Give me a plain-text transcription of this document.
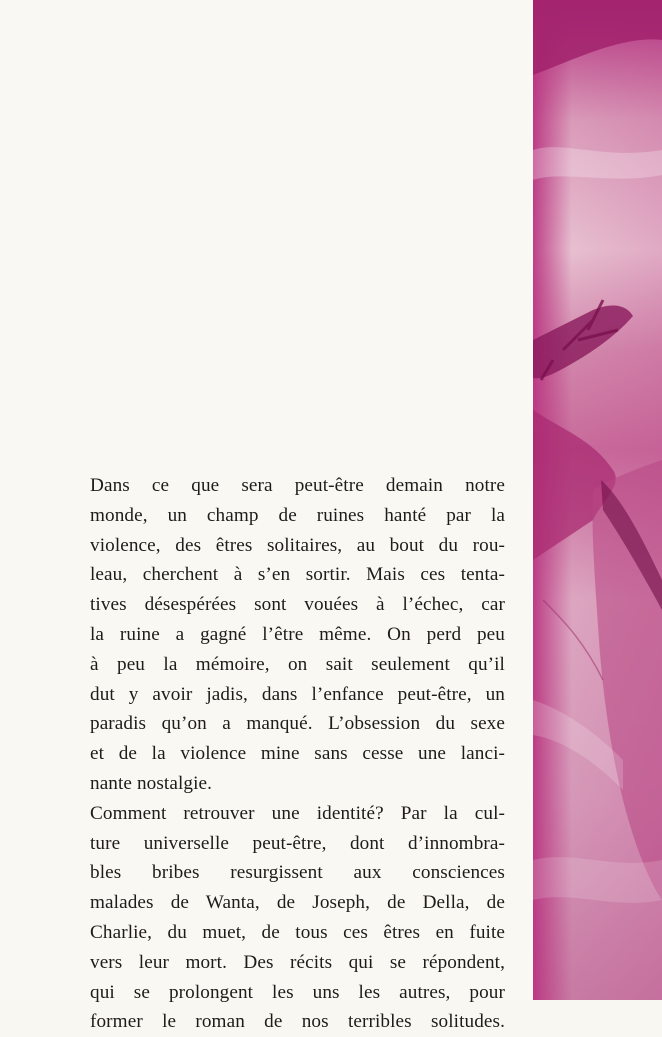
Dans ce que sera peut-être demain notre
monde, un champ de ruines hanté par la
violence, des êtres solitaires, au bout du rou-
leau, cherchent à s’en sortir. Mais ces tenta-
tives désespérées sont vouées à l’échec, car
la ruine a gagné l’être même. On perd peu
à peu la mémoire, on sait seulement qu’il
dut y avoir jadis, dans l’enfance peut-être, un
paradis qu’on a manqué. L’obsession du sexe
et de la violence mine sans cesse une lanci-
nante nostalgie.

Comment retrouver une identité? Par la cul-
ture universelle peut-être, dont d’innombra-
bles bribes resurgissent aux consciences
malades de Wanta, de Joseph, de Della, de
Charlie, du muet, de tous ces êtres en fuite
vers leur mort. Des récits qui se répondent,
qui se prolongent les uns les autres, pour
former le roman de nos terribles solitudes.
